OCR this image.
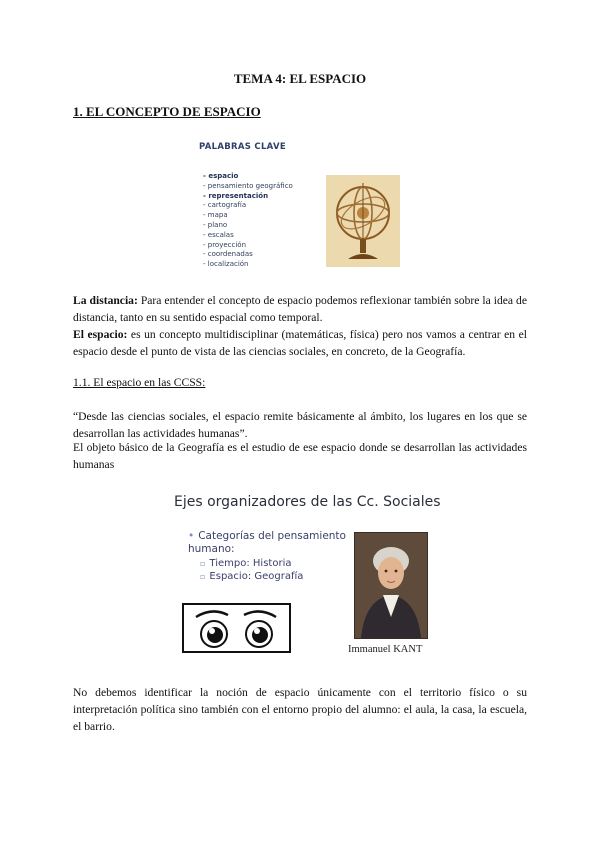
TEMA 4: EL ESPACIO
1. EL CONCEPTO DE ESPACIO
PALABRAS CLAVE
- espacio
- pensamiento geográfico
- representación
- cartografía
- mapa
- plano
- escalas
- proyección
- coordenadas
- localización

La distancia: Para entender el concepto de espacio podemos reflexionar también sobre la idea de distancia, tanto en su sentido espacial como temporal.

El espacio: es un concepto multidisciplinar (matemáticas, física) pero nos vamos a centrar en el espacio desde el punto de vista de las ciencias sociales, en concreto, de la Geografía.

1.1. El espacio en las CCSS:

“Desde las ciencias sociales, el espacio remite básicamente al ámbito, los lugares en los que se desarrollan las actividades humanas”.

El objeto básico de la Geografía es el estudio de ese espacio donde se desarrollan las actividades humanas

Ejes organizadores de las Cc. Sociales
• Categorías del pensamiento humano:
▫ Tiempo: Historia
▫ Espacio: Geografía
Immanuel KANT

No debemos identificar la noción de espacio únicamente con el territorio físico o su interpretación política sino también con el entorno propio del alumno: el aula, la casa, la escuela, el barrio.
